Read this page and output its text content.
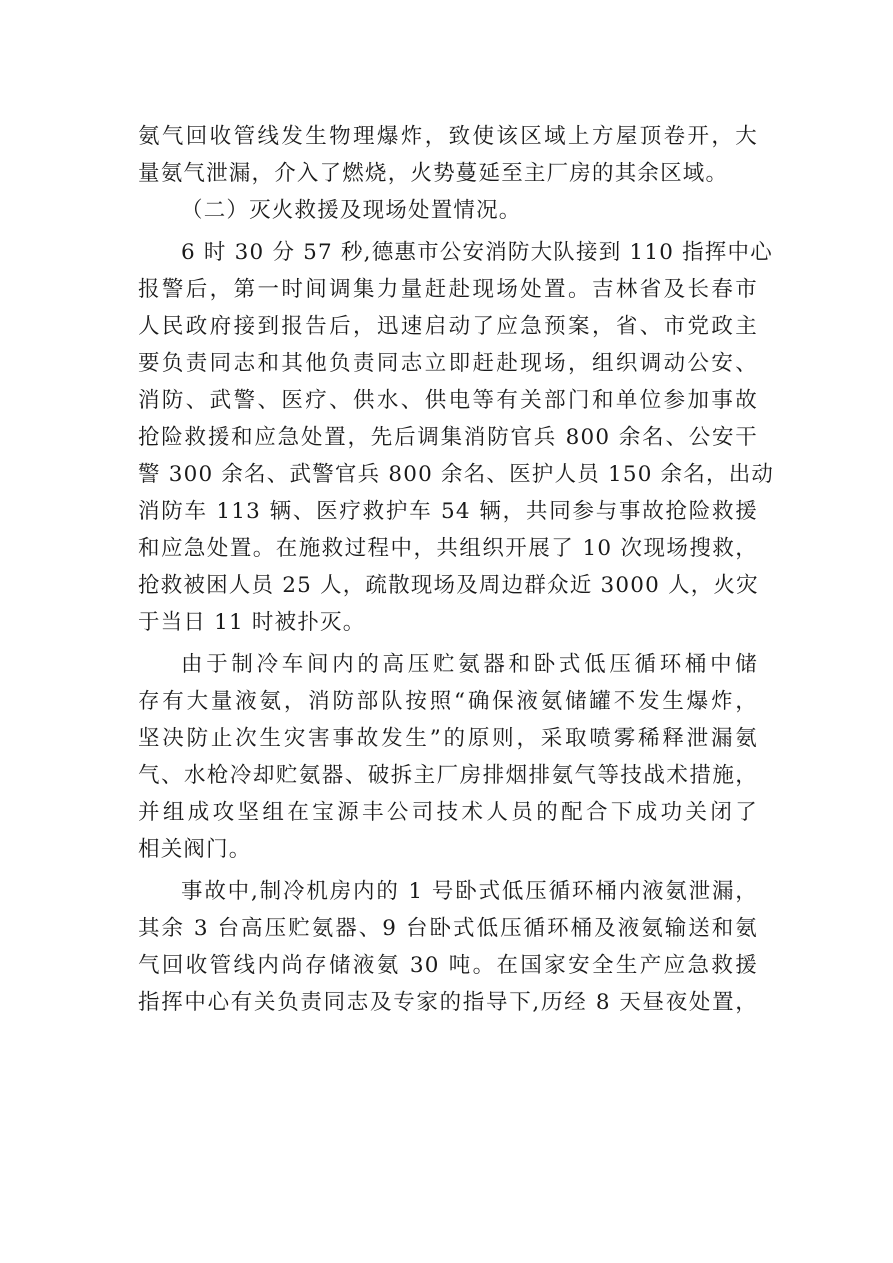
氨气回收管线发生物理爆炸，致使该区域上方屋顶卷开，大
量氨气泄漏，介入了燃烧，火势蔓延至主厂房的其余区域。
（二）灭火救援及现场处置情况。
6 时 30 分 57 秒,德惠市公安消防大队接到 110 指挥中心
报警后，第一时间调集力量赶赴现场处置。吉林省及长春市
人民政府接到报告后，迅速启动了应急预案，省、市党政主
要负责同志和其他负责同志立即赶赴现场，组织调动公安、
消防、武警、医疗、供水、供电等有关部门和单位参加事故
抢险救援和应急处置，先后调集消防官兵 800 余名、公安干
警 300 余名、武警官兵 800 余名、医护人员 150 余名，出动
消防车 113 辆、医疗救护车 54 辆，共同参与事故抢险救援
和应急处置。在施救过程中，共组织开展了 10 次现场搜救，
抢救被困人员 25 人，疏散现场及周边群众近 3000 人，火灾
于当日 11 时被扑灭。
由于制冷车间内的高压贮氨器和卧式低压循环桶中储
存有大量液氨，消防部队按照“确保液氨储罐不发生爆炸，
坚决防止次生灾害事故发生”的原则，采取喷雾稀释泄漏氨
气、水枪冷却贮氨器、破拆主厂房排烟排氨气等技战术措施，
并组成攻坚组在宝源丰公司技术人员的配合下成功关闭了
相关阀门。
事故中,制冷机房内的 1 号卧式低压循环桶内液氨泄漏，
其余 3 台高压贮氨器、9 台卧式低压循环桶及液氨输送和氨
气回收管线内尚存储液氨 30 吨。在国家安全生产应急救援
指挥中心有关负责同志及专家的指导下,历经 8 天昼夜处置，
